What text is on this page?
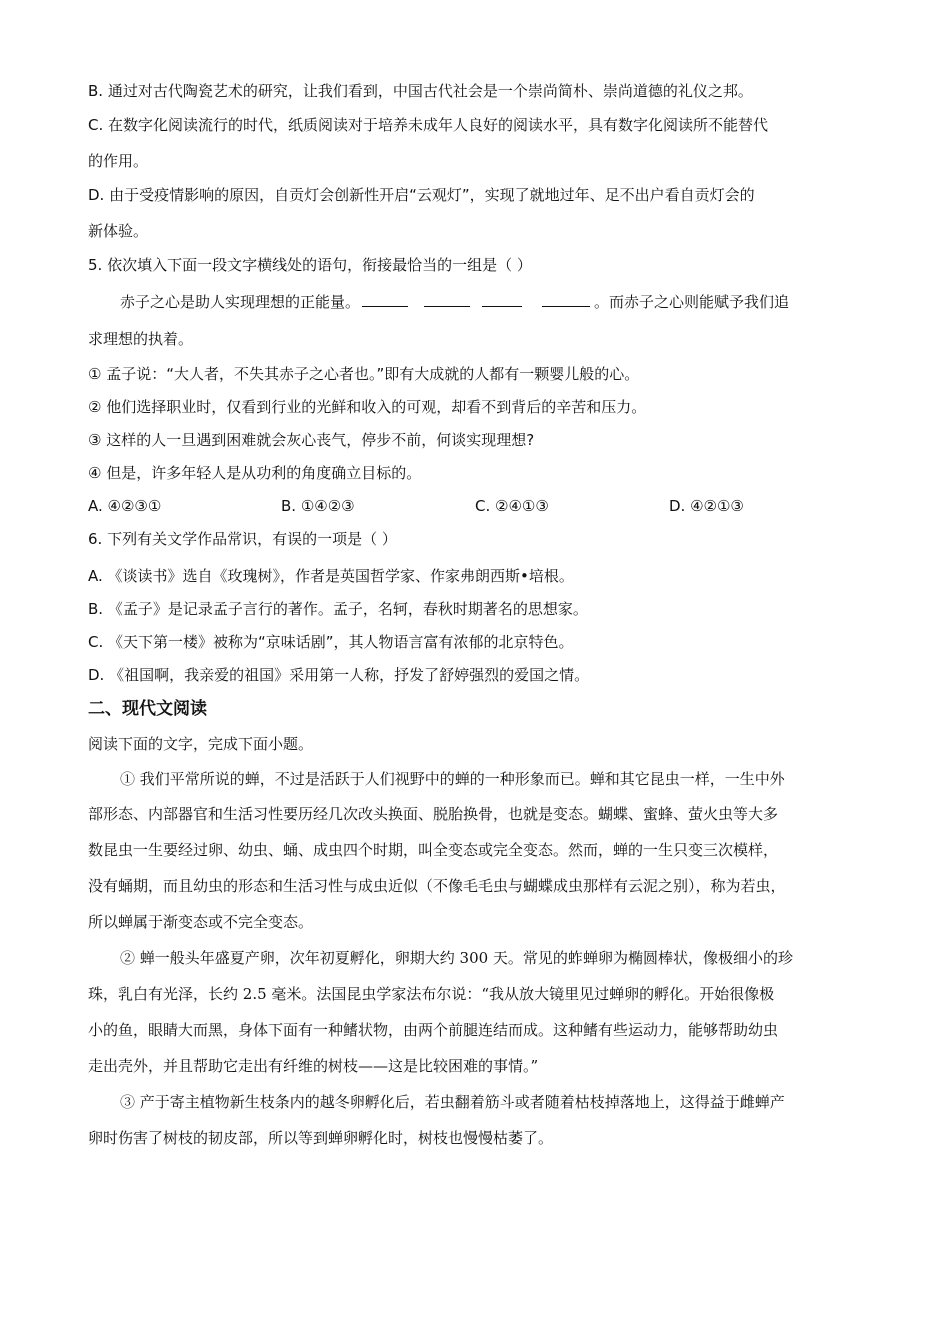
B. 通过对古代陶瓷艺术的研究，让我们看到，中国古代社会是一个崇尚简朴、崇尚道德的礼仪之邦。
C. 在数字化阅读流行的时代，纸质阅读对于培养未成年人良好的阅读水平，具有数字化阅读所不能替代
的作用。
D. 由于受疫情影响的原因，自贡灯会创新性开启“云观灯”，实现了就地过年、足不出户看自贡灯会的
新体验。
5. 依次填入下面一段文字横线处的语句，衔接最恰当的一组是（ ）
赤子之心是助人实现理想的正能量。	。而赤子之心则能赋予我们追
求理想的执着。
① 孟子说：“大人者，不失其赤子之心者也。”即有大成就的人都有一颗婴儿般的心。
② 他们选择职业时，仅看到行业的光鲜和收入的可观，却看不到背后的辛苦和压力。
③ 这样的人一旦遇到困难就会灰心丧气，停步不前，何谈实现理想?
④ 但是，许多年轻人是从功利的角度确立目标的。
A. ④②③①	B. ①④②③	C. ②④①③	D. ④②①③
6. 下列有关文学作品常识，有误的一项是（ ）
A. 《谈读书》选自《玫瑰树》，作者是英国哲学家、作家弗朗西斯•培根。
B. 《孟子》是记录孟子言行的著作。孟子，名轲，春秋时期著名的思想家。
C. 《天下第一楼》被称为“京味话剧”，其人物语言富有浓郁的北京特色。
D. 《祖国啊，我亲爱的祖国》采用第一人称，抒发了舒婷强烈的爱国之情。
二、现代文阅读
阅读下面的文字，完成下面小题。
① 我们平常所说的蝉，不过是活跃于人们视野中的蝉的一种形象而已。蝉和其它昆虫一样，一生中外
部形态、内部器官和生活习性要历经几次改头换面、脱胎换骨，也就是变态。蝴蝶、蜜蜂、萤火虫等大多
数昆虫一生要经过卵、幼虫、蛹、成虫四个时期，叫全变态或完全变态。然而，蝉的一生只变三次模样，
没有蛹期，而且幼虫的形态和生活习性与成虫近似（不像毛毛虫与蝴蝶成虫那样有云泥之别），称为若虫，
所以蝉属于渐变态或不完全变态。
② 蝉一般头年盛夏产卵，次年初夏孵化，卵期大约 300 天。常见的蚱蝉卵为椭圆棒状，像极细小的珍
珠，乳白有光泽，长约 2.5 毫米。法国昆虫学家法布尔说：“我从放大镜里见过蝉卵的孵化。开始很像极
小的鱼，眼睛大而黑，身体下面有一种鳍状物，由两个前腿连结而成。这种鳍有些运动力，能够帮助幼虫
走出壳外，并且帮助它走出有纤维的树枝——这是比较困难的事情。”
③ 产于寄主植物新生枝条内的越冬卵孵化后，若虫翻着筋斗或者随着枯枝掉落地上，这得益于雌蝉产
卵时伤害了树枝的韧皮部，所以等到蝉卵孵化时，树枝也慢慢枯萎了。
